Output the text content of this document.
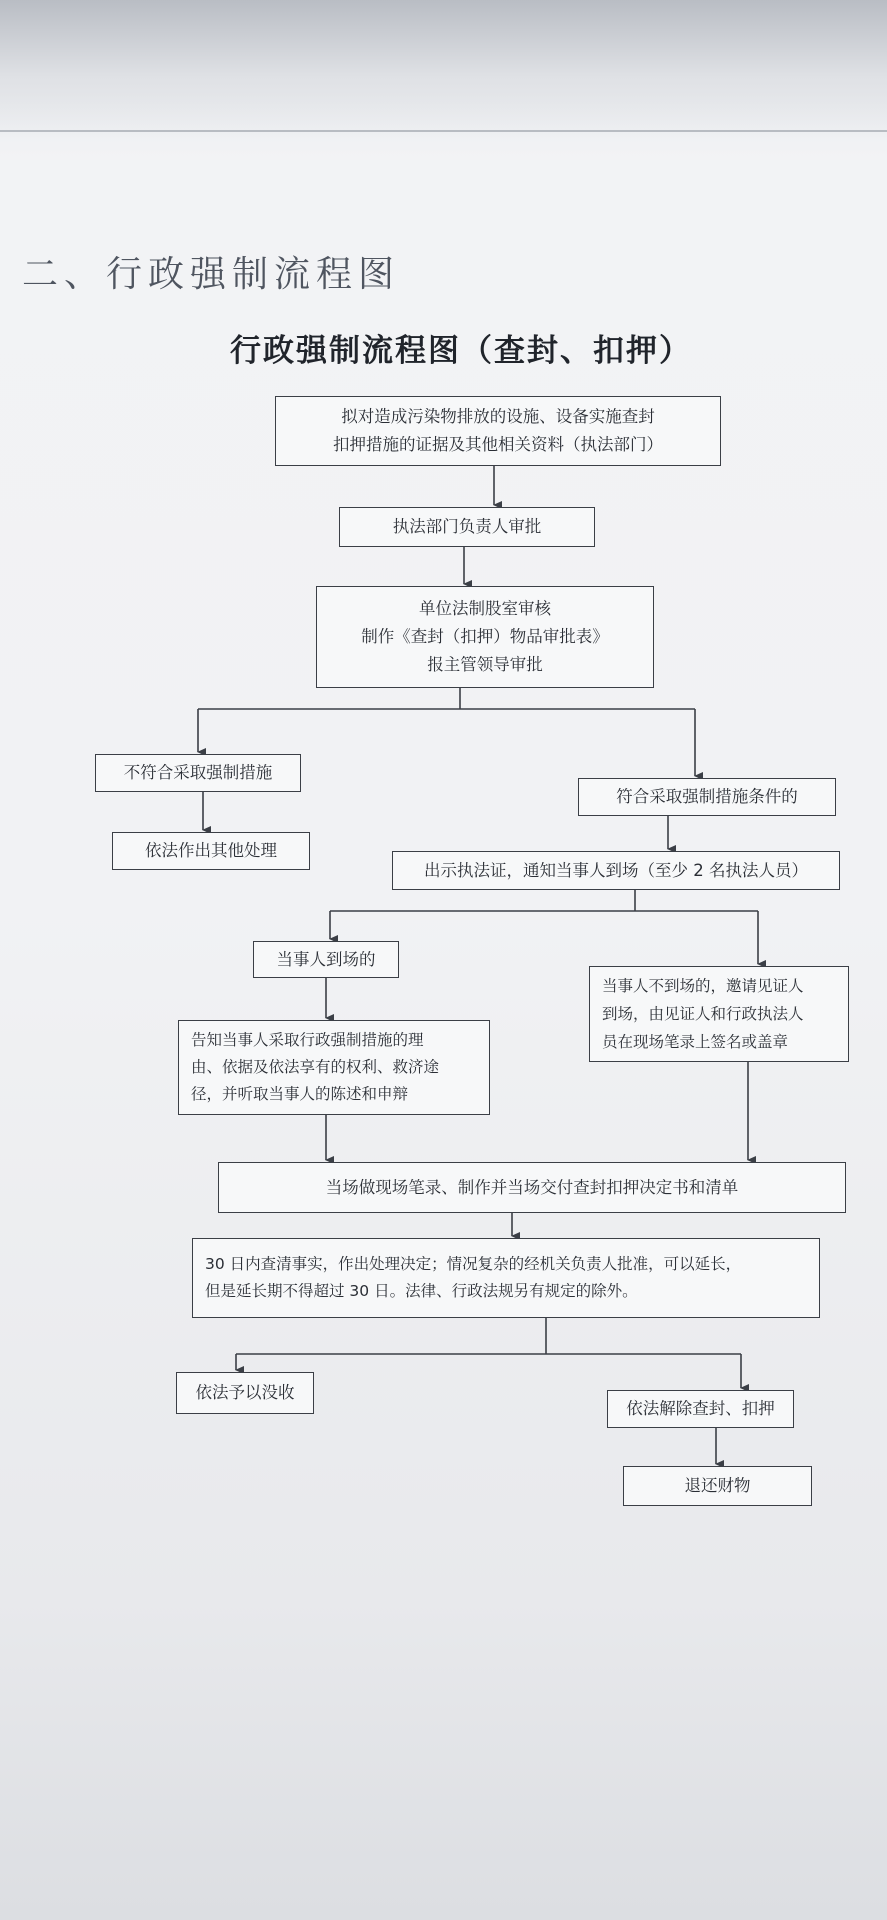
二、行政强制流程图
行政强制流程图（查封、扣押）
拟对造成污染物排放的设施、设备实施查封
扣押措施的证据及其他相关资料（执法部门）
执法部门负责人审批
单位法制股室审核
制作《查封（扣押）物品审批表》
报主管领导审批
不符合采取强制措施
依法作出其他处理
符合采取强制措施条件的
出示执法证，通知当事人到场（至少 2 名执法人员）
当事人到场的
告知当事人采取行政强制措施的理
由、依据及依法享有的权利、救济途
径，并听取当事人的陈述和申辩
当事人不到场的，邀请见证人
到场，由见证人和行政执法人
员在现场笔录上签名或盖章
当场做现场笔录、制作并当场交付查封扣押决定书和清单
30 日内查清事实，作出处理决定；情况复杂的经机关负责人批准，可以延长，
但是延长期不得超过 30 日。法律、行政法规另有规定的除外。
依法予以没收
依法解除查封、扣押
退还财物
